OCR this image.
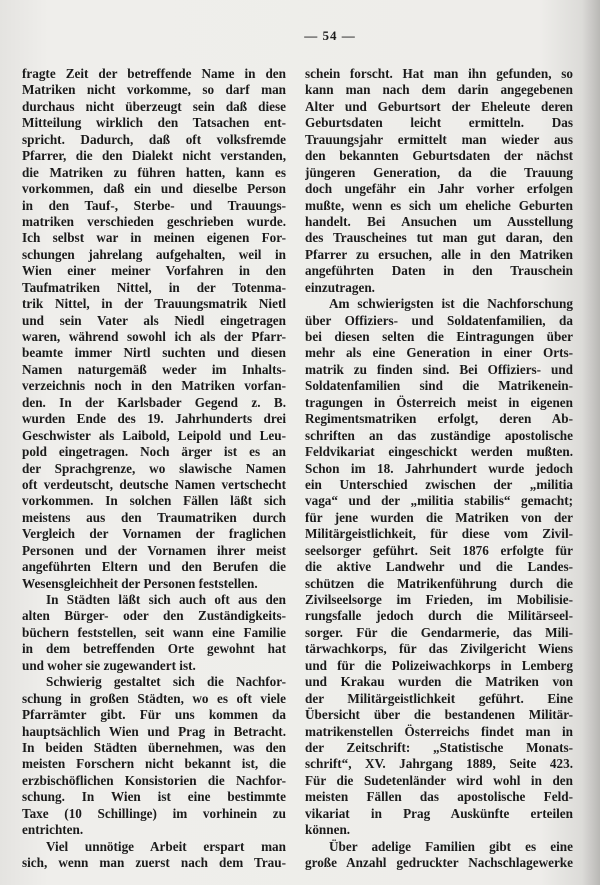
— 54 —
fragte Zeit der betreffende Name in den
Matriken nicht vorkomme, so darf man
durchaus nicht überzeugt sein daß diese
Mitteilung wirklich den Tatsachen ent-
spricht. Dadurch, daß oft volksfremde
Pfarrer, die den Dialekt nicht verstanden,
die Matriken zu führen hatten, kann es
vorkommen, daß ein und dieselbe Person
in den Tauf-, Sterbe- und Trauungs-
matriken verschieden geschrieben wurde.
Ich selbst war in meinen eigenen For-
schungen jahrelang aufgehalten, weil in
Wien einer meiner Vorfahren in den
Taufmatriken Nittel, in der Totenma-
trik Nittel, in der Trauungsmatrik Nietl
und sein Vater als Niedl eingetragen
waren, während sowohl ich als der Pfarr-
beamte immer Nirtl suchten und diesen
Namen naturgemäß weder im Inhalts-
verzeichnis noch in den Matriken vorfan-
den. In der Karlsbader Gegend z. B.
wurden Ende des 19. Jahrhunderts drei
Geschwister als Laibold, Leipold und Leu-
pold eingetragen. Noch ärger ist es an
der Sprachgrenze, wo slawische Namen
oft verdeutscht, deutsche Namen vertschecht
vorkommen. In solchen Fällen läßt sich
meistens aus den Traumatriken durch
Vergleich der Vornamen der fraglichen
Personen und der Vornamen ihrer meist
angeführten Eltern und den Berufen die
Wesensgleichheit der Personen feststellen.
In Städten läßt sich auch oft aus den
alten Bürger- oder den Zuständigkeits-
büchern feststellen, seit wann eine Familie
in dem betreffenden Orte gewohnt hat
und woher sie zugewandert ist.
Schwierig gestaltet sich die Nachfor-
schung in großen Städten, wo es oft viele
Pfarrämter gibt. Für uns kommen da
hauptsächlich Wien und Prag in Betracht.
In beiden Städten übernehmen, was den
meisten Forschern nicht bekannt ist, die
erzbischöflichen Konsistorien die Nachfor-
schung. In Wien ist eine bestimmte
Taxe (10 Schillinge) im vorhinein zu
entrichten.
Viel unnötige Arbeit erspart man
sich, wenn man zuerst nach dem Trau-
schein forscht. Hat man ihn gefunden, so
kann man nach dem darin angegebenen
Alter und Geburtsort der Eheleute deren
Geburtsdaten leicht ermitteln. Das
Trauungsjahr ermittelt man wieder aus
den bekannten Geburtsdaten der nächst
jüngeren Generation, da die Trauung
doch ungefähr ein Jahr vorher erfolgen
mußte, wenn es sich um eheliche Geburten
handelt. Bei Ansuchen um Ausstellung
des Trauscheines tut man gut daran, den
Pfarrer zu ersuchen, alle in den Matriken
angeführten Daten in den Trauschein
einzutragen.
Am schwierigsten ist die Nachforschung
über Offiziers- und Soldatenfamilien, da
bei diesen selten die Eintragungen über
mehr als eine Generation in einer Orts-
matrik zu finden sind. Bei Offiziers- und
Soldatenfamilien sind die Matrikenein-
tragungen in Österreich meist in eigenen
Regimentsmatriken erfolgt, deren Ab-
schriften an das zuständige apostolische
Feldvikariat eingeschickt werden mußten.
Schon im 18. Jahrhundert wurde jedoch
ein Unterschied zwischen der „militia
vaga“ und der „militia stabilis“ gemacht;
für jene wurden die Matriken von der
Militärgeistlichkeit, für diese vom Zivil-
seelsorger geführt. Seit 1876 erfolgte für
die aktive Landwehr und die Landes-
schützen die Matrikenführung durch die
Zivilseelsorge im Frieden, im Mobilisie-
rungsfalle jedoch durch die Militärseel-
sorger. Für die Gendarmerie, das Mili-
tärwachkorps, für das Zivilgericht Wiens
und für die Polizeiwachkorps in Lemberg
und Krakau wurden die Matriken von
der Militärgeistlichkeit geführt. Eine
Übersicht über die bestandenen Militär-
matrikenstellen Österreichs findet man in
der Zeitschrift: „Statistische Monats-
schrift“, XV. Jahrgang 1889, Seite 423.
Für die Sudetenländer wird wohl in den
meisten Fällen das apostolische Feld-
vikariat in Prag Auskünfte erteilen
können.
Über adelige Familien gibt es eine
große Anzahl gedruckter Nachschlagewerke
